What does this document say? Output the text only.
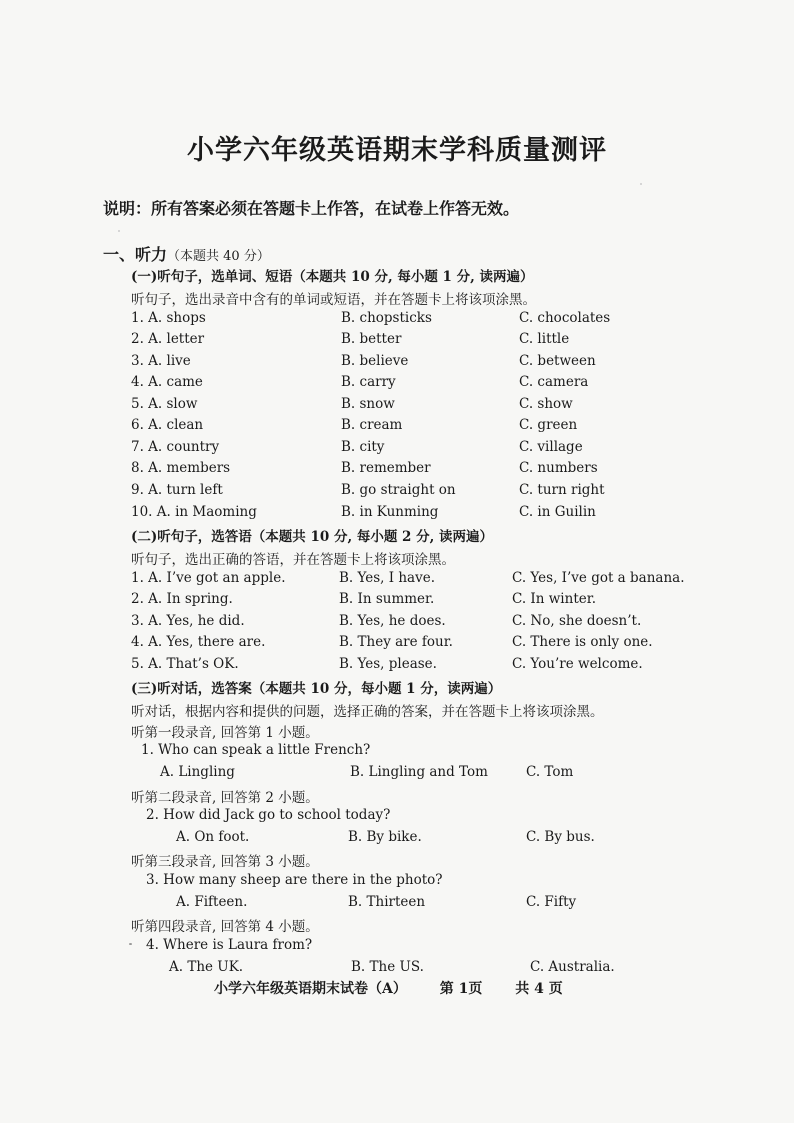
小学六年级英语期末学科质量测评
说明：所有答案必须在答题卡上作答，在试卷上作答无效。
一、听力（本题共 40 分）
(一)听句子，选单词、短语（本题共 10 分, 每小题 1 分, 读两遍）
听句子，选出录音中含有的单词或短语，并在答题卡上将该项涂黑。
1. A. shops	B. chopsticks	C. chocolates
2. A. letter	B. better	C. little
3. A. live	B. believe	C. between
4. A. came	B. carry	C. camera
5. A. slow	B. snow	C. show
6. A. clean	B. cream	C. green
7. A. country	B. city	C. village
8. A. members	B. remember	C. numbers
9. A. turn left	B. go straight on	C. turn right
10. A. in Maoming	B. in Kunming	C. in Guilin
(二)听句子，选答语（本题共 10 分, 每小题 2 分, 读两遍）
听句子，选出正确的答语，并在答题卡上将该项涂黑。
1. A. I’ve got an apple.	B. Yes, I have.	C. Yes, I’ve got a banana.
2. A. In spring.	B. In summer.	C. In winter.
3. A. Yes, he did.	B. Yes, he does.	C. No, she doesn’t.
4. A. Yes, there are.	B. They are four.	C. There is only one.
5. A. That’s OK.	B. Yes, please.	C. You’re welcome.
(三)听对话，选答案（本题共 10 分，每小题 1 分，读两遍）
听对话，根据内容和提供的问题，选择正确的答案，并在答题卡上将该项涂黑。
听第一段录音, 回答第 1 小题。
1. Who can speak a little French?
A. Lingling	B. Lingling and Tom	C. Tom
听第二段录音, 回答第 2 小题。
2. How did Jack go to school today?
A. On foot.	B. By bike.	C. By bus.
听第三段录音, 回答第 3 小题。
3. How many sheep are there in the photo?
A. Fifteen.	B. Thirteen	C. Fifty
听第四段录音, 回答第 4 小题。
4. Where is Laura from?
A. The UK.	B. The US.	C. Australia.
小学六年级英语期末试卷（A） 第 1页 共 4 页
